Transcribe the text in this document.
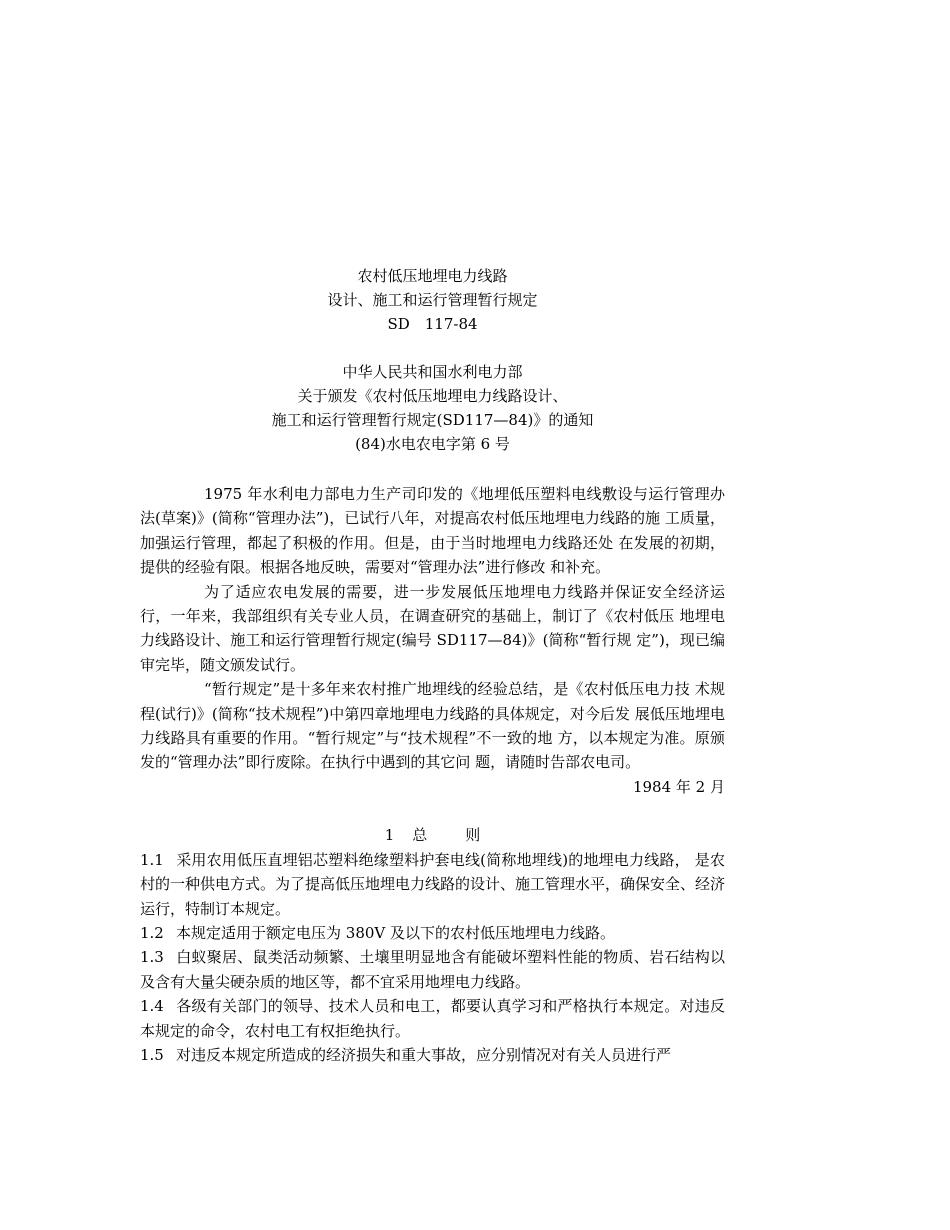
农村低压地埋电力线路
设计、施工和运行管理暂行规定
SD　117-84
中华人民共和国水利电力部
关于颁发《农村低压地埋电力线路设计、
施工和运行管理暂行规定(SD117—84)》的通知
(84)水电农电字第 6 号

1975 年水利电力部电力生产司印发的《地埋低压塑料电线敷设与运行管理办 法(草案)》(简称“管理办法”)，已试行八年，对提高农村低压地埋电力线路的施 工质量，加强运行管理，都起了积极的作用。但是，由于当时地埋电力线路还处 在发展的初期，提供的经验有限。根据各地反映，需要对“管理办法”进行修改 和补充。

为了适应农电发展的需要，进一步发展低压地埋电力线路并保证安全经济运 行，一年来，我部组织有关专业人员，在调查研究的基础上，制订了《农村低压 地埋电力线路设计、施工和运行管理暂行规定(编号 SD117—84)》(简称“暂行规 定”)，现已编审完毕，随文颁发试行。

“暂行规定”是十多年来农村推广地埋线的经验总结，是《农村低压电力技 术规程(试行)》(简称“技术规程”)中第四章地埋电力线路的具体规定，对今后发 展低压地埋电力线路具有重要的作用。“暂行规定”与“技术规程”不一致的地 方，以本规定为准。原颁发的“管理办法”即行废除。在执行中遇到的其它问 题，请随时告部农电司。

1984 年 2 月

1 总	则

1.1 采用农用低压直埋铝芯塑料绝缘塑料护套电线(简称地埋线)的地埋电力线路， 是农村的一种供电方式。为了提高低压地埋电力线路的设计、施工管理水平，确保安全、经济运行，特制订本规定。

1.2 本规定适用于额定电压为 380V 及以下的农村低压地埋电力线路。

1.3 白蚁聚居、鼠类活动频繁、土壤里明显地含有能破坏塑料性能的物质、岩石结构以及含有大量尖硬杂质的地区等，都不宜采用地埋电力线路。

1.4 各级有关部门的领导、技术人员和电工，都要认真学习和严格执行本规定。对违反本规定的命令，农村电工有权拒绝执行。

1.5 对违反本规定所造成的经济损失和重大事故，应分别情况对有关人员进行严
